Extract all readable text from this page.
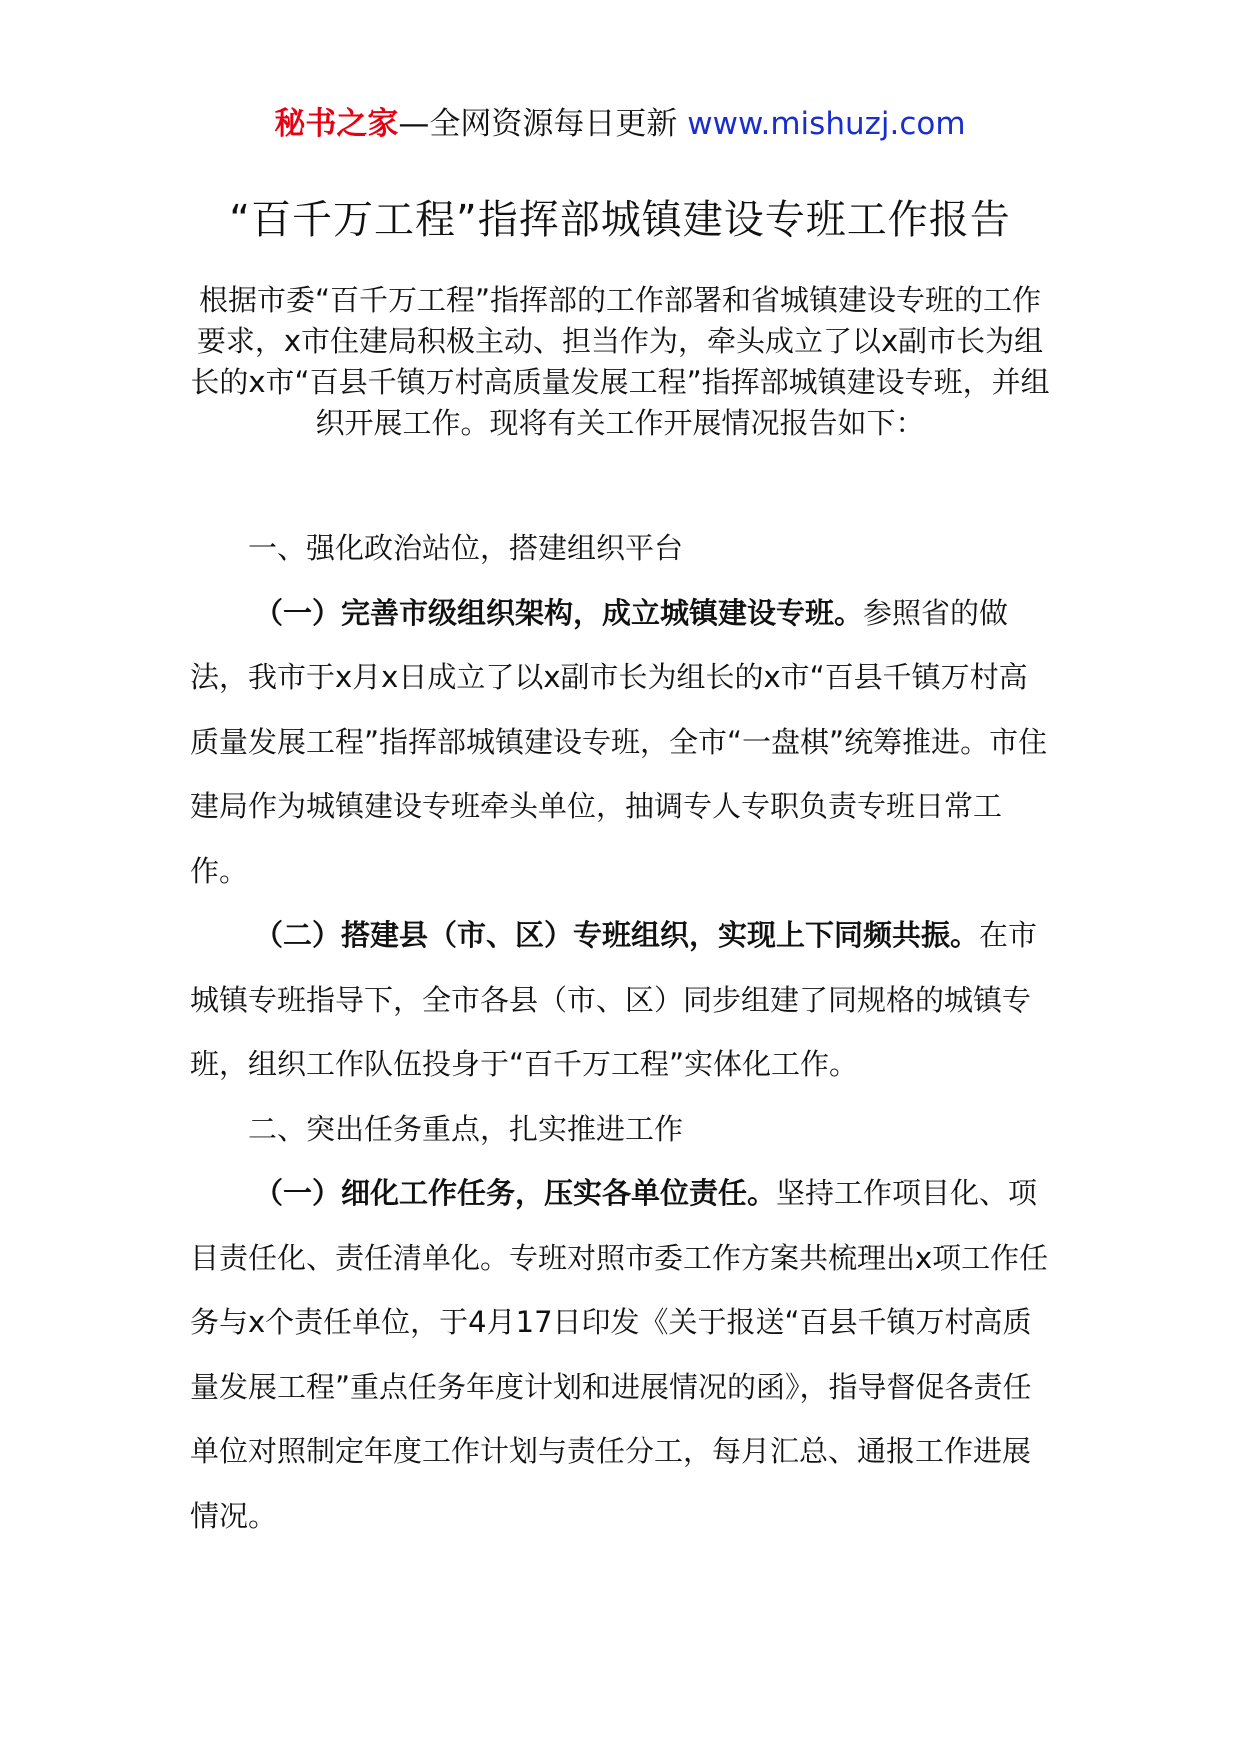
秘书之家—全网资源每日更新 www.mishuzj.com
“百千万工程”指挥部城镇建设专班工作报告
根据市委“百千万工程”指挥部的工作部署和省城镇建设专班的工作要求，x市住建局积极主动、担当作为，牵头成立了以x副市长为组长的x市“百县千镇万村高质量发展工程”指挥部城镇建设专班，并组织开展工作。现将有关工作开展情况报告如下：

一、强化政治站位，搭建组织平台

（一）完善市级组织架构，成立城镇建设专班。参照省的做法，我市于x月x日成立了以x副市长为组长的x市“百县千镇万村高质量发展工程”指挥部城镇建设专班，全市“一盘棋”统筹推进。市住建局作为城镇建设专班牵头单位，抽调专人专职负责专班日常工作。

（二）搭建县（市、区）专班组织，实现上下同频共振。在市城镇专班指导下，全市各县（市、区）同步组建了同规格的城镇专班，组织工作队伍投身于“百千万工程”实体化工作。

二、突出任务重点，扎实推进工作

（一）细化工作任务，压实各单位责任。坚持工作项目化、项目责任化、责任清单化。专班对照市委工作方案共梳理出x项工作任务与x个责任单位，于4月17日印发《关于报送“百县千镇万村高质量发展工程”重点任务年度计划和进展情况的函》，指导督促各责任单位对照制定年度工作计划与责任分工，每月汇总、通报工作进展情况。
